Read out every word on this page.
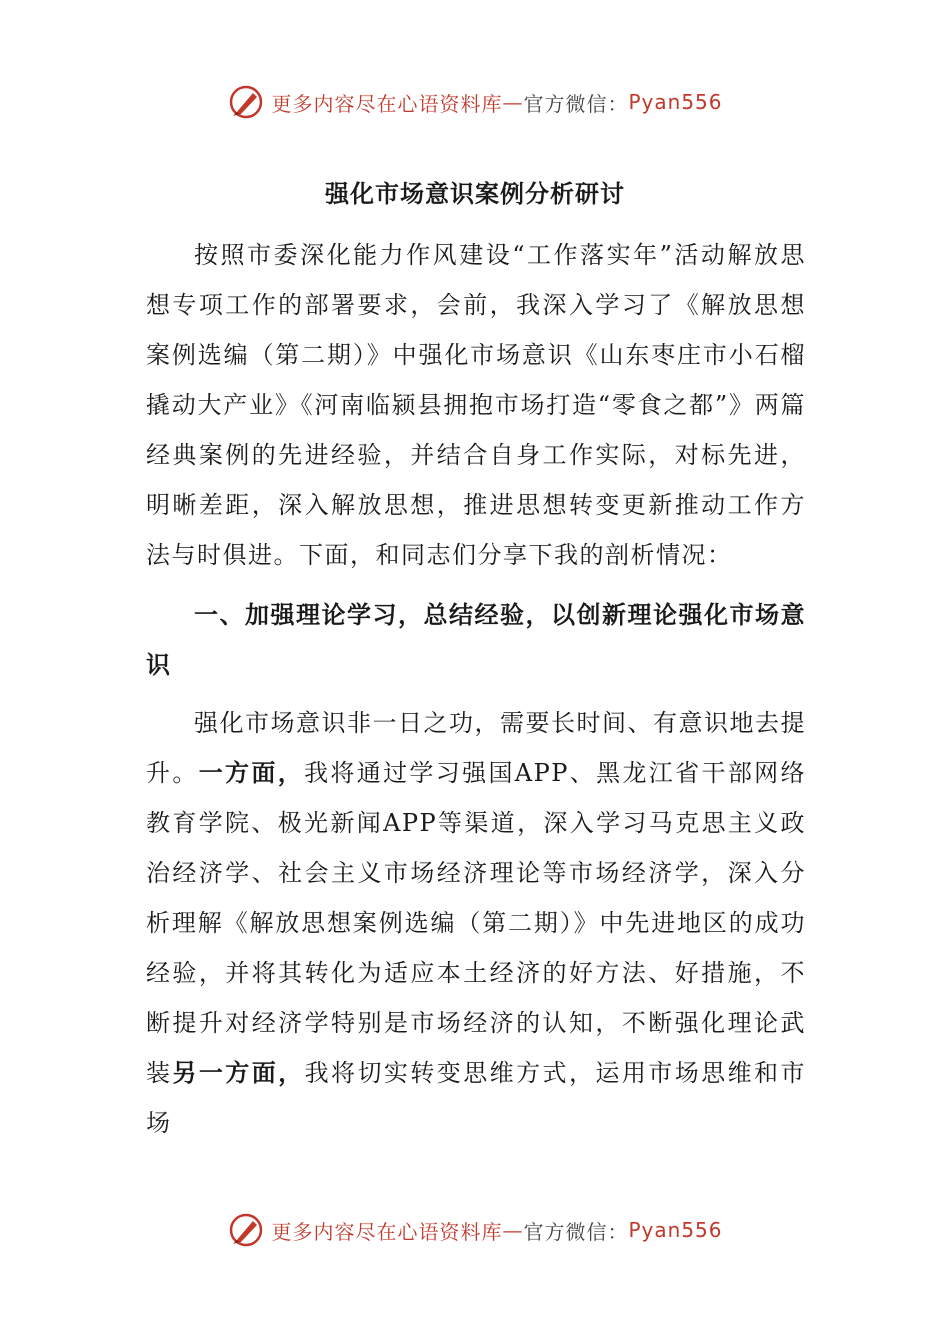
更多内容尽在心语资料库 — 官方微信： Pyan556
强化市场意识案例分析研讨

按照市委深化能力作风建设“工作落实年”活动解放思想专项工作的部署要求，会前，我深入学习了《解放思想案例选编（第二期）》中强化市场意识《山东枣庄市小石榴撬动大产业》《河南临颍县拥抱市场打造“零食之都”》两篇经典案例的先进经验，并结合自身工作实际，对标先进，明晰差距，深入解放思想，推进思想转变更新推动工作方法与时俱进。下面，和同志们分享下我的剖析情况：

一、加强理论学习，总结经验，以创新理论强化市场意识

强化市场意识非一日之功，需要长时间、有意识地去提升。一方面，我将通过学习强国APP、黑龙江省干部网络教育学院、极光新闻APP等渠道，深入学习马克思主义政治经济学、社会主义市场经济理论等市场经济学，深入分析理解《解放思想案例选编（第二期）》中先进地区的成功经验，并将其转化为适应本土经济的好方法、好措施，不断提升对经济学特别是市场经济的认知，不断强化理论武装另一方面，我将切实转变思维方式，运用市场思维和市场

更多内容尽在心语资料库 — 官方微信： Pyan556
